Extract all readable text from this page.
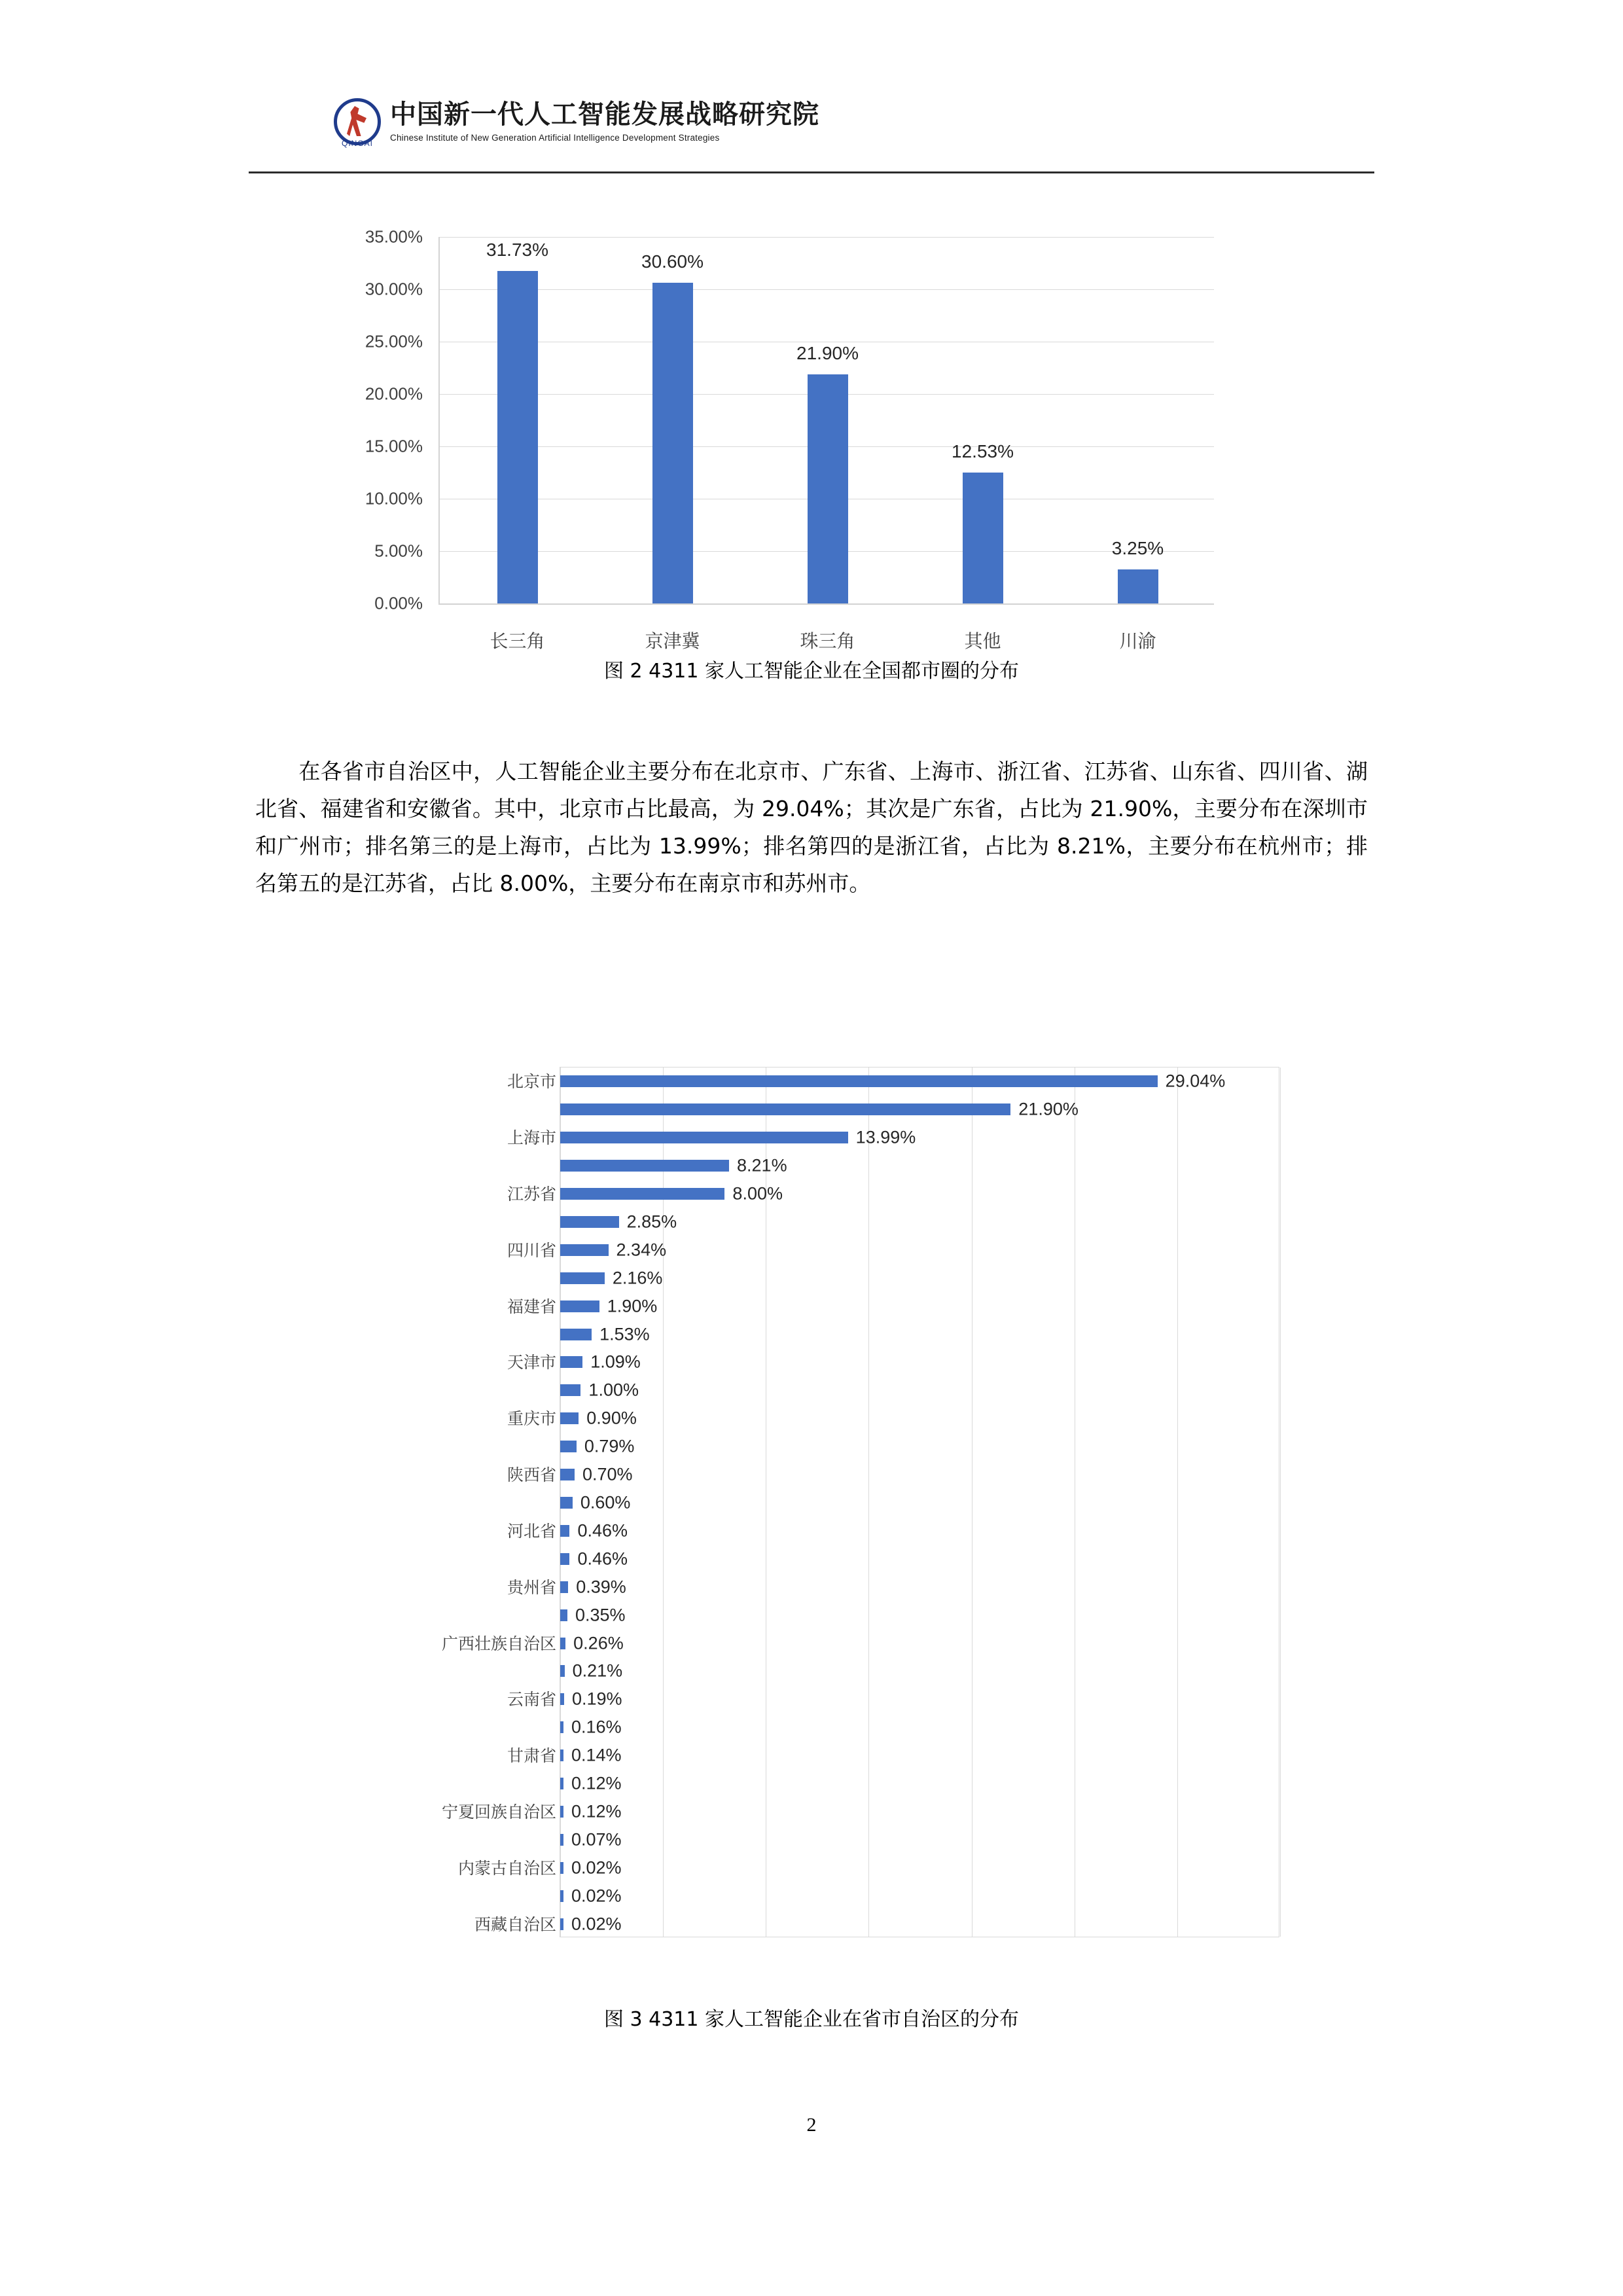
QINGAI
中国新一代人工智能发展战略研究院
Chinese Institute of New Generation Artificial Intelligence Development Strategies
0.00%
5.00%
10.00%
15.00%
20.00%
25.00%
30.00%
35.00%
31.73%
长三角
30.60%
京津冀
21.90%
珠三角
12.53%
其他
3.25%
川渝
图 2 4311 家人工智能企业在全国都市圈的分布
在各省市自治区中，人工智能企业主要分布在北京市、广东省、上海市、浙江省、江苏省、山东省、四川省、湖北省、福建省和安徽省。其中，北京市占比最高，为 29.04%；其次是广东省，占比为 21.90%，主要分布在深圳市和广州市；排名第三的是上海市，占比为 13.99%；排名第四的是浙江省，占比为 8.21%，主要分布在杭州市；排名第五的是江苏省，占比 8.00%，主要分布在南京市和苏州市。
29.04%
21.90%
13.99%
8.21%
8.00%
2.85%
2.34%
2.16%
1.90%
1.53%
1.09%
1.00%
0.90%
0.79%
0.70%
0.60%
0.46%
0.46%
0.39%
0.35%
0.26%
0.21%
0.19%
0.16%
0.14%
0.12%
0.12%
0.07%
0.02%
0.02%
0.02%
北京市
上海市
江苏省
四川省
福建省
天津市
重庆市
陕西省
河北省
贵州省
广西壮族自治区
云南省
甘肃省
宁夏回族自治区
内蒙古自治区
西藏自治区
图 3 4311 家人工智能企业在省市自治区的分布
2
